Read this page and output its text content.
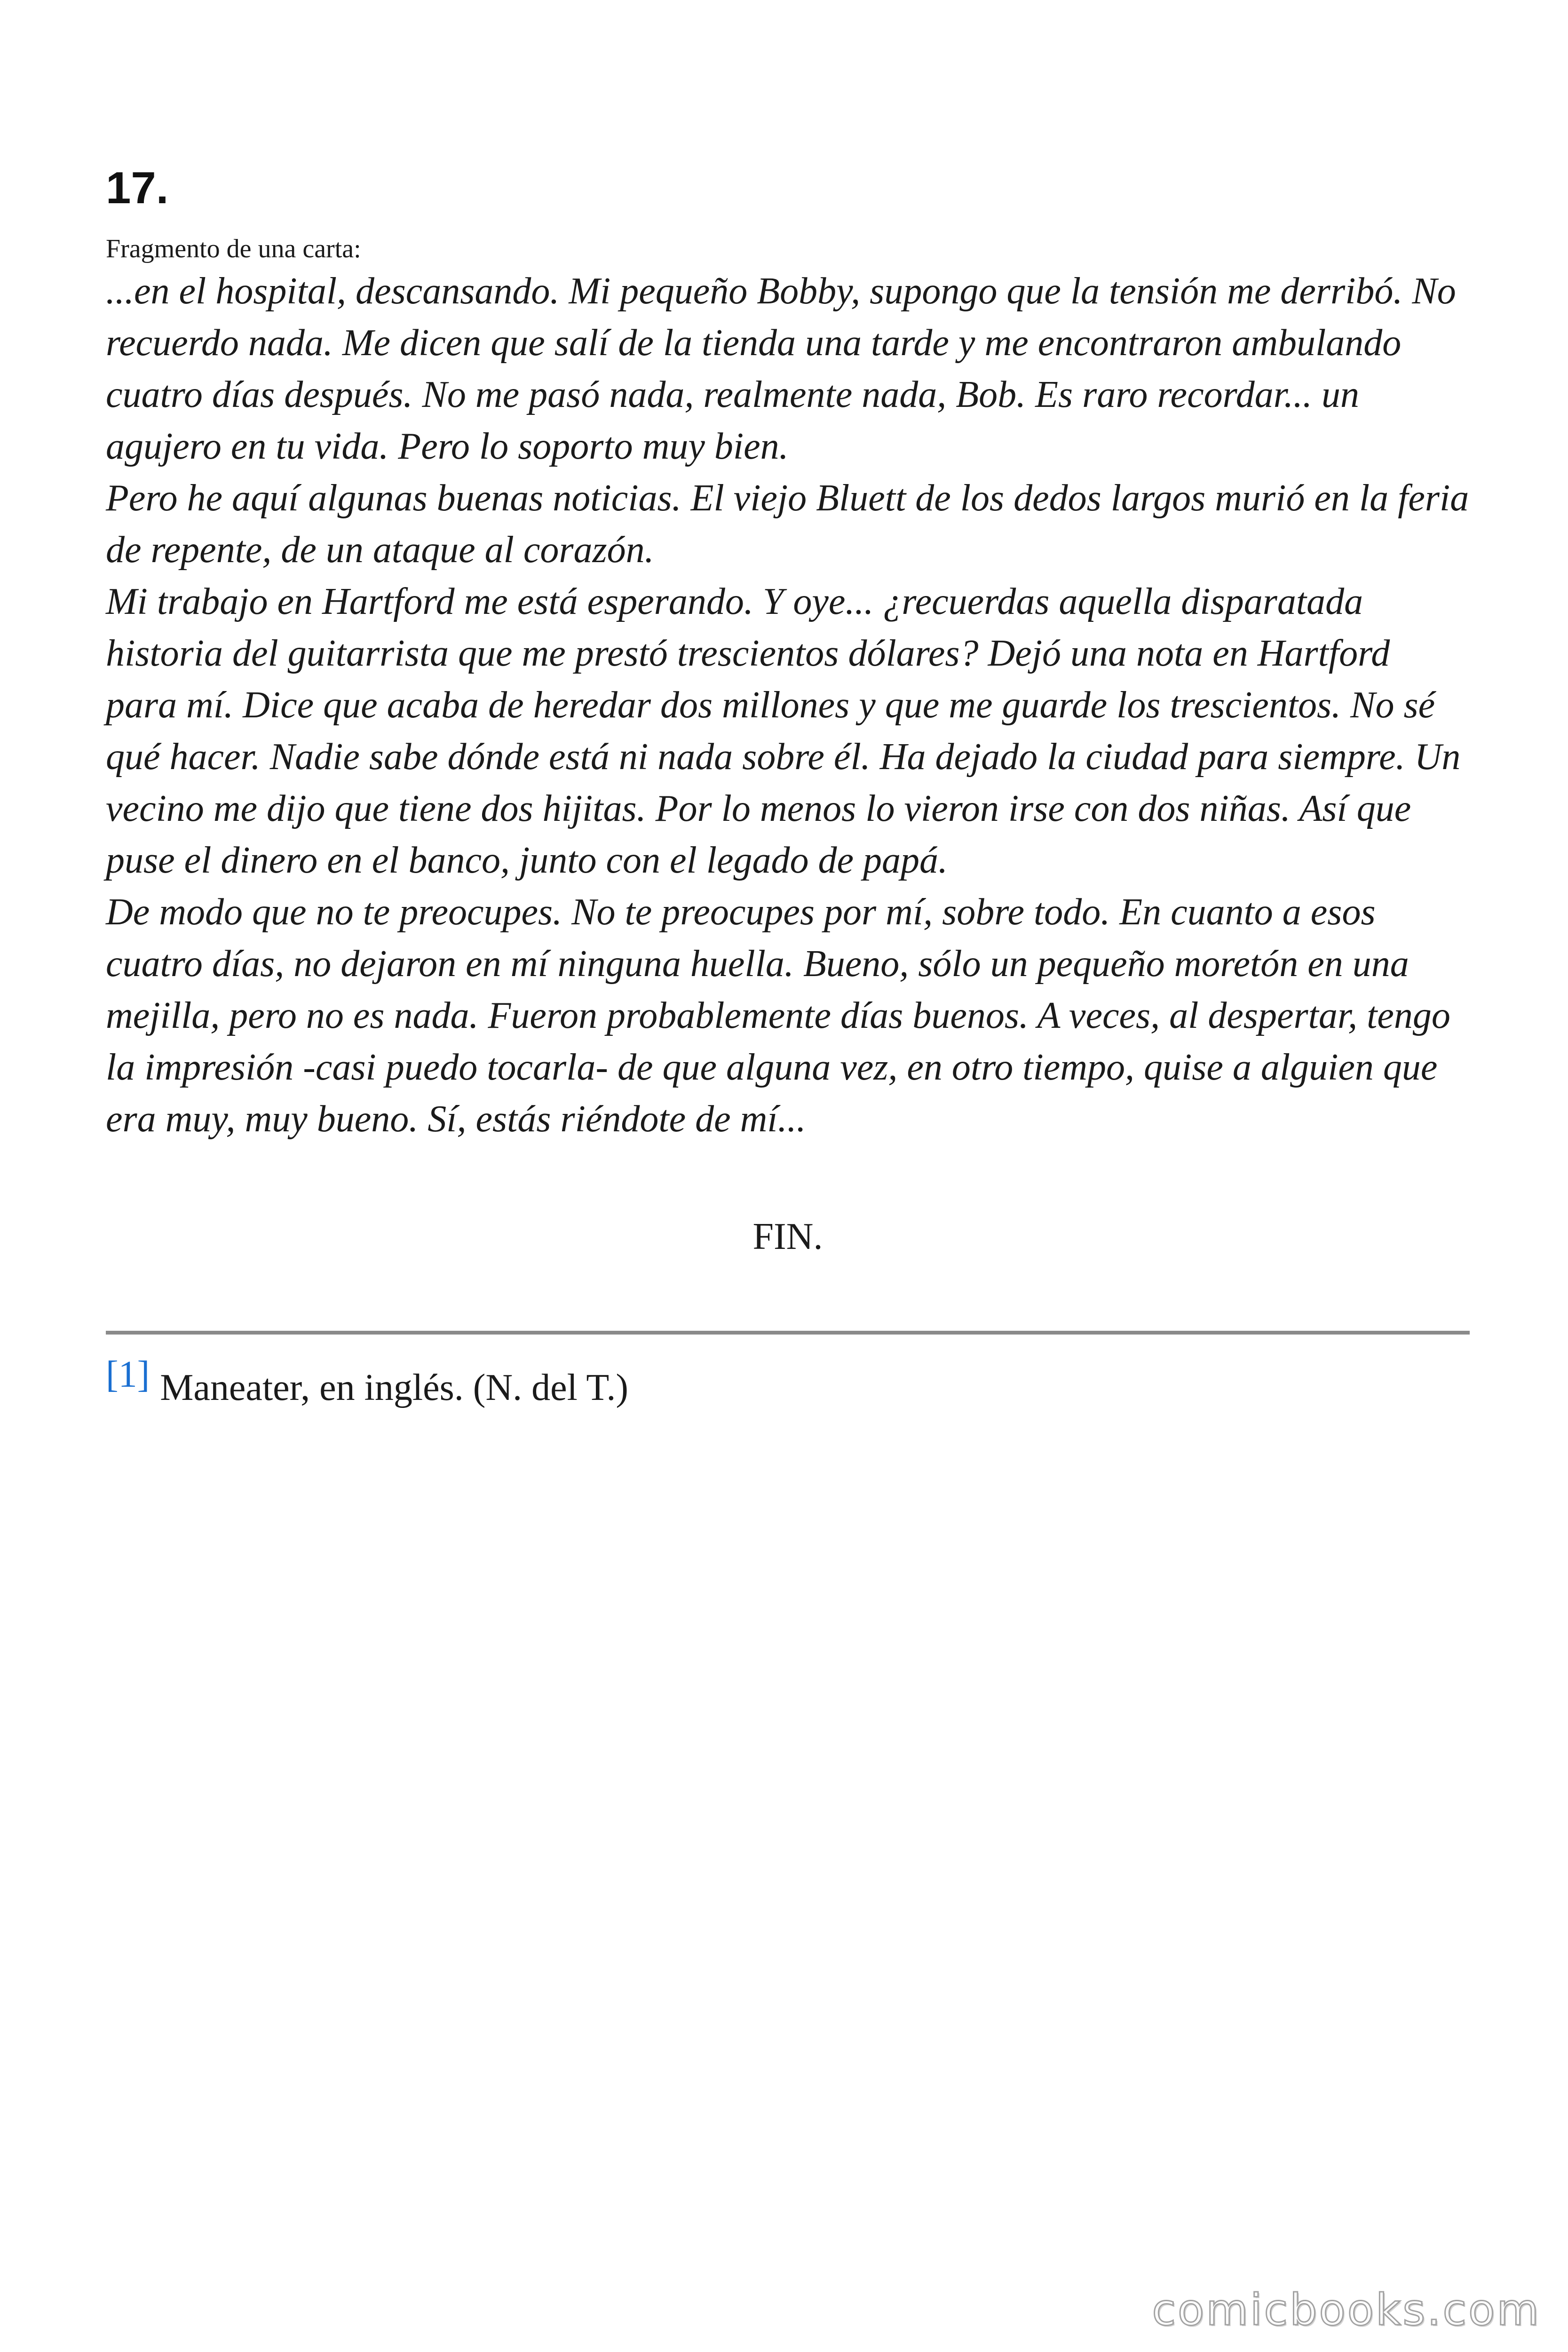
17.

Fragmento de una carta:

...en el hospital, descansando. Mi pequeño Bobby, supongo que la tensión me derribó. No recuerdo nada. Me dicen que salí de la tienda una tarde y me encontraron ambulando cuatro días después. No me pasó nada, realmente nada, Bob. Es raro recordar... un agujero en tu vida. Pero lo soporto muy bien.

Pero he aquí algunas buenas noticias. El viejo Bluett de los dedos largos murió en la feria de repente, de un ataque al corazón.

Mi trabajo en Hartford me está esperando. Y oye... ¿recuerdas aquella disparatada historia del guitarrista que me prestó trescientos dólares? Dejó una nota en Hartford para mí. Dice que acaba de heredar dos millones y que me guarde los trescientos. No sé qué hacer. Nadie sabe dónde está ni nada sobre él. Ha dejado la ciudad para siempre. Un vecino me dijo que tiene dos hijitas. Por lo menos lo vieron irse con dos niñas. Así que puse el dinero en el banco, junto con el legado de papá.

De modo que no te preocupes. No te preocupes por mí, sobre todo. En cuanto a esos cuatro días, no dejaron en mí ninguna huella. Bueno, sólo un pequeño moretón en una mejilla, pero no es nada. Fueron probablemente días buenos. A veces, al despertar, tengo la impresión -casi puedo tocarla- de que alguna vez, en otro tiempo, quise a alguien que era muy, muy bueno. Sí, estás riéndote de mí...

FIN.

[1] Maneater, en inglés. (N. del T.)

comicbooks.com
